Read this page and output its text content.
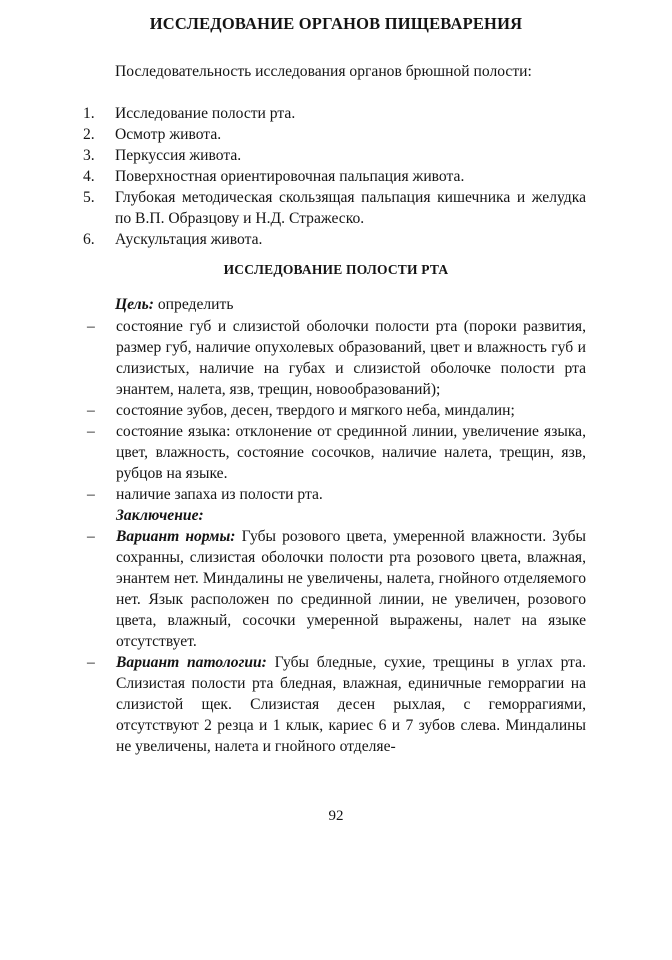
ИССЛЕДОВАНИЕ ОРГАНОВ ПИЩЕВАРЕНИЯ
Последовательность исследования органов брюшной полости:
1. Исследование полости рта.
2. Осмотр живота.
3. Перкуссия живота.
4. Поверхностная ориентировочная пальпация живота.
5. Глубокая методическая скользящая пальпация кишечника и желудка по В.П. Образцову и Н.Д. Стражеско.
6. Аускультация живота.
ИССЛЕДОВАНИЕ ПОЛОСТИ РТА
Цель: определить
– состояние губ и слизистой оболочки полости рта (пороки развития, размер губ, наличие опухолевых образований, цвет и влажность губ и слизистых, наличие на губах и слизистой оболочке полости рта энантем, налета, язв, трещин, новообразований);
– состояние зубов, десен, твердого и мягкого неба, миндалин;
– состояние языка: отклонение от срединной линии, увеличение языка, цвет, влажность, состояние сосочков, наличие налета, трещин, язв, рубцов на языке.
– наличие запаха из полости рта.
Заключение:
– Вариант нормы: Губы розового цвета, умеренной влажности. Зубы сохранны, слизистая оболочки полости рта розового цвета, влажная, энантем нет. Миндалины не увеличены, налета, гнойного отделяемого нет. Язык расположен по срединной линии, не увеличен, розового цвета, влажный, сосочки умеренной выражены, налет на языке отсутствует.
– Вариант патологии: Губы бледные, сухие, трещины в углах рта. Слизистая полости рта бледная, влажная, единичные геморрагии на слизистой щек. Слизистая десен рыхлая, с геморрагиями, отсутствуют 2 резца и 1 клык, кариес 6 и 7 зубов слева. Миндалины не увеличены, налета и гнойного отделяе-
92
